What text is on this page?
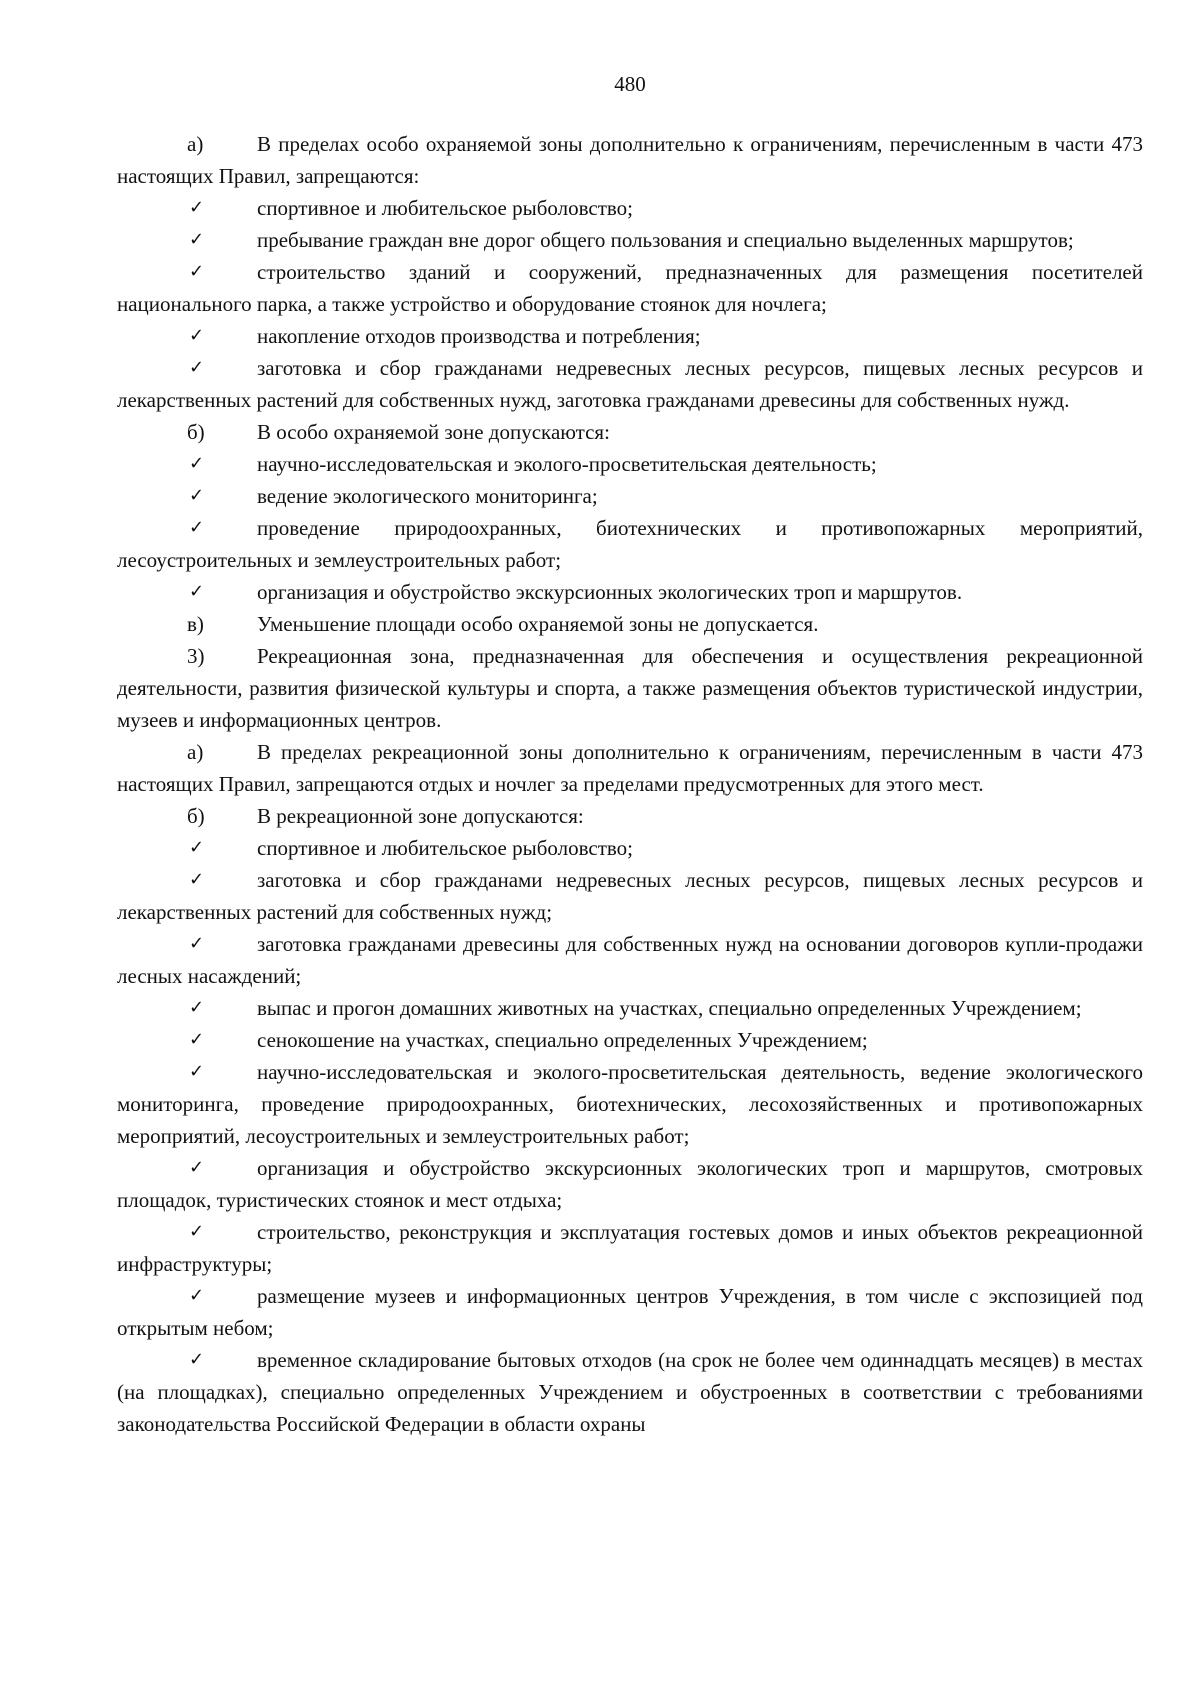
480

а)	В пределах особо охраняемой зоны дополнительно к ограничениям, перечисленным в части 473 настоящих Правил, запрещаются:

✓	спортивное и любительское рыболовство;

✓	пребывание граждан вне дорог общего пользования и специально выделенных маршрутов;

✓	строительство зданий и сооружений, предназначенных для размещения посетителей национального парка, а также устройство и оборудование стоянок для ночлега;

✓	накопление отходов производства и потребления;

✓	заготовка и сбор гражданами недревесных лесных ресурсов, пищевых лесных ресурсов и лекарственных растений для собственных нужд, заготовка гражданами древесины для собственных нужд.

б) В особо охраняемой зоне допускаются:

✓	научно-исследовательская и эколого-просветительская деятельность;

✓	ведение экологического мониторинга;

✓	проведение природоохранных, биотехнических и противопожарных мероприятий, лесоустроительных и землеустроительных работ;

✓	организация и обустройство экскурсионных экологических троп и маршрутов.

в)	Уменьшение площади особо охраняемой зоны не допускается.

3)	Рекреационная зона, предназначенная для обеспечения и осуществления рекреационной деятельности, развития физической культуры и спорта, а также размещения объектов туристической индустрии, музеев и информационных центров.

а)	В пределах рекреационной зоны дополнительно к ограничениям, перечисленным в части 473 настоящих Правил, запрещаются отдых и ночлег за пределами предусмотренных для этого мест.

б) В рекреационной зоне допускаются:

✓	спортивное и любительское рыболовство;

✓	заготовка и сбор гражданами недревесных лесных ресурсов, пищевых лесных ресурсов и лекарственных растений для собственных нужд;

✓	заготовка гражданами древесины для собственных нужд на основании договоров купли-продажи лесных насаждений;

✓	выпас и прогон домашних животных на участках, специально определенных Учреждением;

✓	сенокошение на участках, специально определенных Учреждением;

✓	научно-исследовательская и эколого-просветительская деятельность, ведение экологического мониторинга, проведение природоохранных, биотехнических, лесохозяйственных и противопожарных мероприятий, лесоустроительных и землеустроительных работ;

✓	организация и обустройство экскурсионных экологических троп и маршрутов, смотровых площадок, туристических стоянок и мест отдыха;

✓	строительство, реконструкция и эксплуатация гостевых домов и иных объектов рекреационной инфраструктуры;

✓	размещение музеев и информационных центров Учреждения, в том числе с экспозицией под открытым небом;

✓	временное складирование бытовых отходов (на срок не более чем одиннадцать месяцев) в местах (на площадках), специально определенных Учреждением и обустроенных в соответствии с требованиями законодательства Российской Федерации в области охраны
